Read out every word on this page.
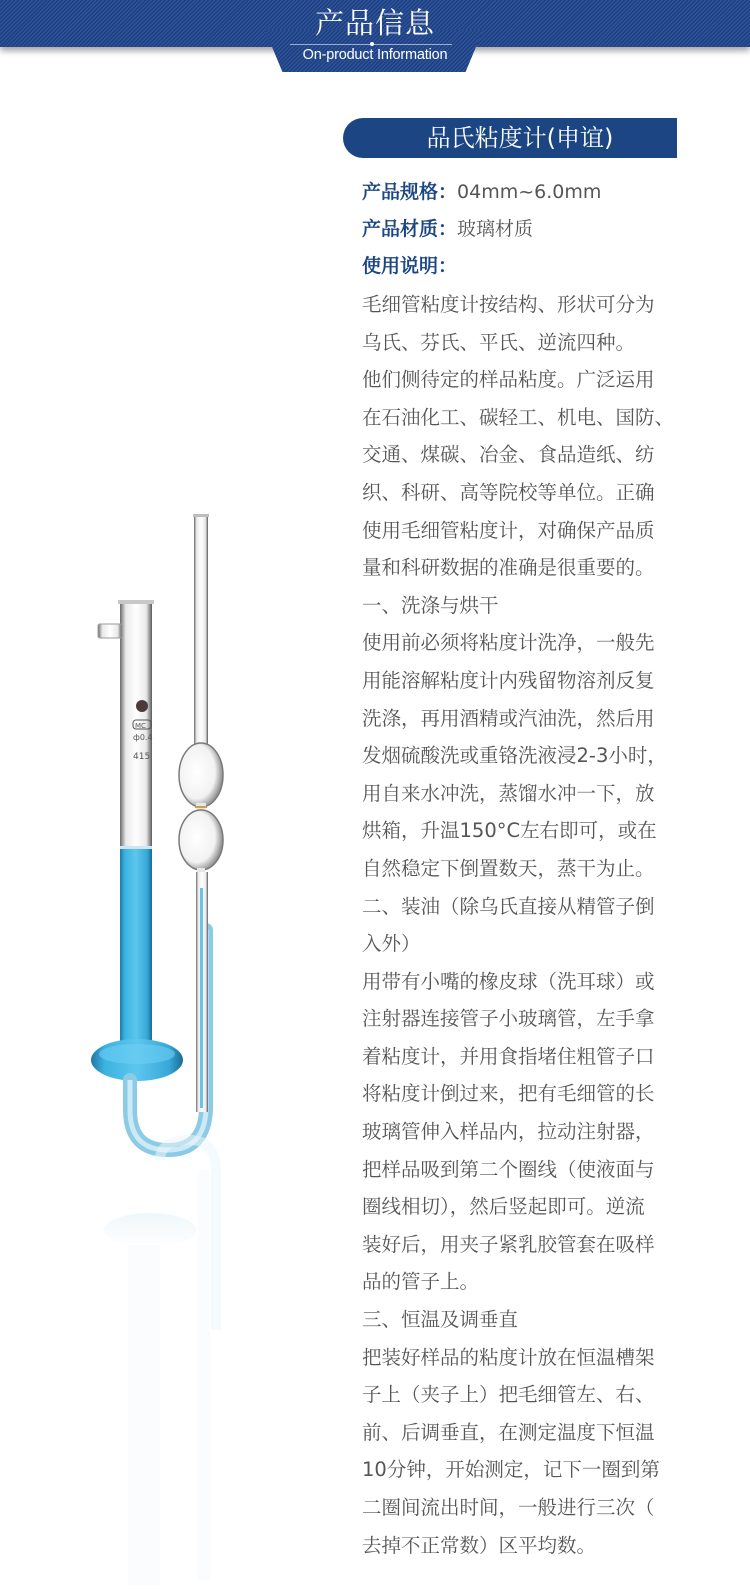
产品信息
On-product Information
MC
ф0.4
415
品氏粘度计(申谊)
产品规格：04mm~6.0mm
产品材质：玻璃材质
使用说明：
毛细管粘度计按结构、形状可分为
乌氏、芬氏、平氏、逆流四种。
他们侧待定的样品粘度。广泛运用
在石油化工、碳轻工、机电、国防、
交通、煤碳、冶金、食品造纸、纺
织、科研、高等院校等单位。正确
使用毛细管粘度计，对确保产品质
量和科研数据的准确是很重要的。
一、洗涤与烘干
使用前必须将粘度计洗净，一般先
用能溶解粘度计内残留物溶剂反复
洗涤，再用酒精或汽油洗，然后用
发烟硫酸洗或重铬洗液浸2-3小时，
用自来水冲洗，蒸馏水冲一下，放
烘箱，升温150°C左右即可，或在
自然稳定下倒置数天，蒸干为止。
二、装油（除乌氏直接从精管子倒
入外）
用带有小嘴的橡皮球（洗耳球）或
注射器连接管子小玻璃管，左手拿
着粘度计，并用食指堵住粗管子口
将粘度计倒过来，把有毛细管的长
玻璃管伸入样品内，拉动注射器，
把样品吸到第二个圈线（使液面与
圈线相切），然后竖起即可。逆流
装好后，用夹子紧乳胶管套在吸样
品的管子上。
三、恒温及调垂直
把装好样品的粘度计放在恒温槽架
子上（夹子上）把毛细管左、右、
前、后调垂直，在测定温度下恒温
10分钟，开始测定，记下一圈到第
二圈间流出时间，一般进行三次（
去掉不正常数）区平均数。
